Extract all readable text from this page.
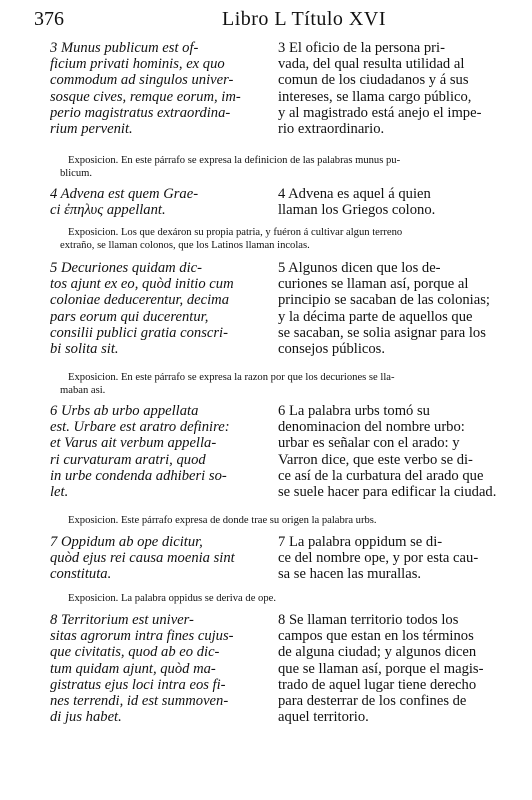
376	Libro L Título XVI
3 Munus publicum est of-
ficium privati hominis, ex quo
commodum ad singulos univer-
sosque cives, remque eorum, im-
perio magistratus extraordina-
rium pervenit.
3 El oficio de la persona pri-
vada, del qual resulta utilidad al
comun de los ciudadanos y á sus
intereses, se llama cargo público,
y al magistrado está anejo el impe-
rio extraordinario.
Exposicion. En este párrafo se expresa la definicion de las palabras munus pu-
blicum.
4 Advena est quem Grae-
ci ἐπηλυς appellant.
4 Advena es aquel á quien
llaman los Griegos colono.
Exposicion. Los que dexáron su propia patria, y fuéron á cultivar algun terreno
extraño, se llaman colonos, que los Latinos llaman incolas.
5 Decuriones quidam dic-
tos ajunt ex eo, quòd initio cum
coloniae deducerentur, decima
pars eorum qui ducerentur,
consilii publici gratia conscri-
bi solita sit.
5 Algunos dicen que los de-
curiones se llaman así, porque al
principio se sacaban de las colonias;
y la décima parte de aquellos que
se sacaban, se solia asignar para los
consejos públicos.
Exposicion. En este párrafo se expresa la razon por que los decuriones se lla-
maban asi.
6 Urbs ab urbo appellata
est. Urbare est aratro definire:
et Varus ait verbum appella-
ri curvaturam aratri, quod
in urbe condenda adhiberi so-
let.
6 La palabra urbs tomó su
denominacion del nombre urbo:
urbar es señalar con el arado: y
Varron dice, que este verbo se di-
ce así de la curbatura del arado que
se suele hacer para edificar la ciudad.
Exposicion. Este párrafo expresa de donde trae su origen la palabra urbs.
7 Oppidum ab ope dicitur,
quòd ejus rei causa moenia sint
constituta.
7 La palabra oppidum se di-
ce del nombre ope, y por esta cau-
sa se hacen las murallas.
Exposicion. La palabra oppidus se deriva de ope.
8 Territorium est univer-
sitas agrorum intra fines cujus-
que civitatis, quod ab eo dic-
tum quidam ajunt, quòd ma-
gistratus ejus loci intra eos fi-
nes terrendi, id est summoven-
di jus habet.
8 Se llaman territorio todos los
campos que estan en los términos
de alguna ciudad; y algunos dicen
que se llaman así, porque el magis-
trado de aquel lugar tiene derecho
para desterrar de los confines de
aquel territorio.
